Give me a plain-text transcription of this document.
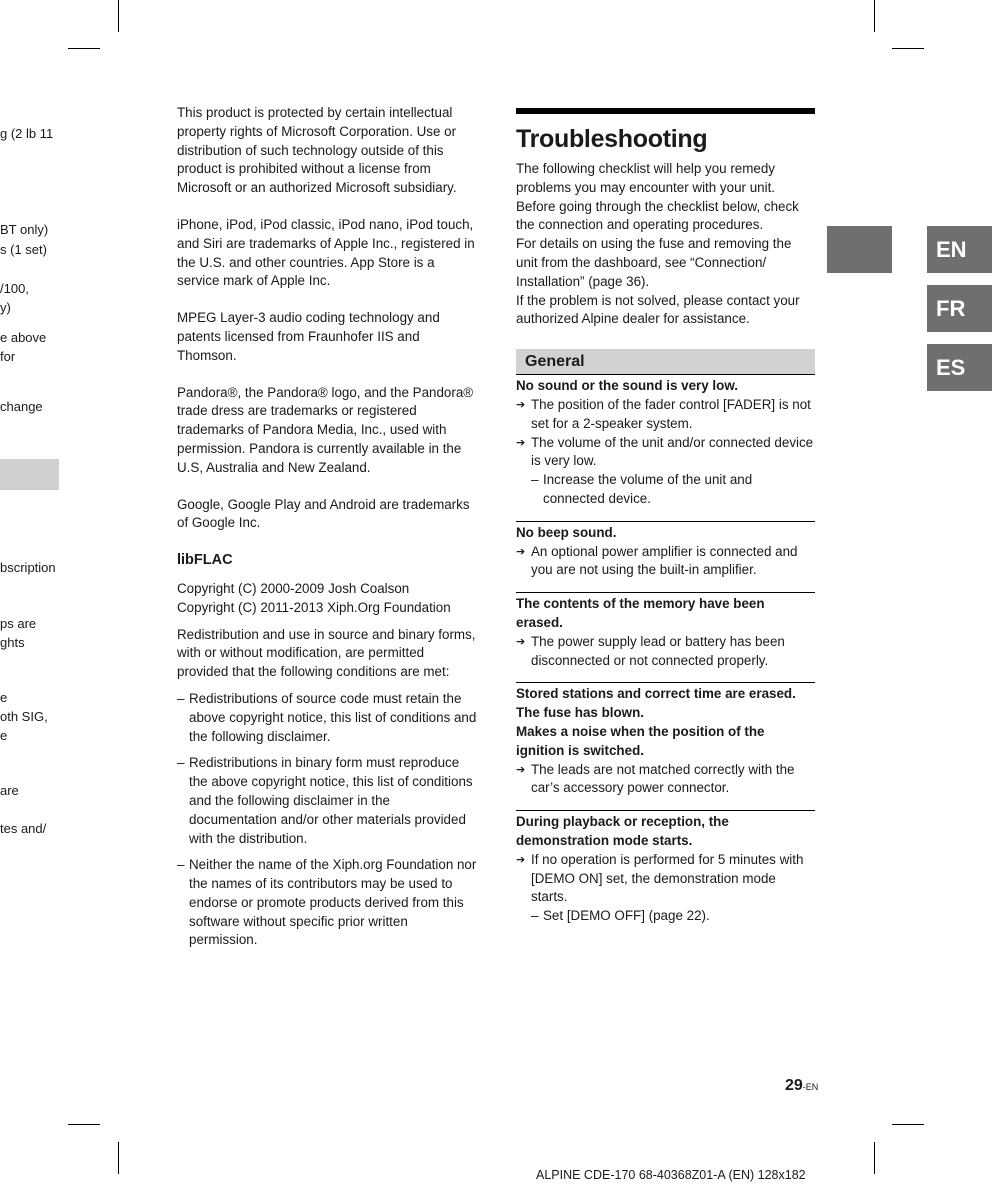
g (2 lb 11
BT only)
s (1 set)
/100,
y)
e above
for
change
bscription
ps are
ghts
e
oth SIG,
e
are
tes and/

This product is protected by certain intellectual property rights of Microsoft Corporation. Use or distribution of such technology outside of this product is prohibited without a license from Microsoft or an authorized Microsoft subsidiary.

iPhone, iPod, iPod classic, iPod nano, iPod touch, and Siri are trademarks of Apple Inc., registered in the U.S. and other countries. App Store is a service mark of Apple Inc.

MPEG Layer-3 audio coding technology and patents licensed from Fraunhofer IIS and Thomson.

Pandora®, the Pandora® logo, and the Pandora® trade dress are trademarks or registered trademarks of Pandora Media, Inc., used with permission. Pandora is currently available in the U.S, Australia and New Zealand.

Google, Google Play and Android are trademarks of Google Inc.

libFLAC

Copyright (C) 2000-2009 Josh Coalson
Copyright (C) 2011-2013 Xiph.Org Foundation

Redistribution and use in source and binary forms, with or without modification, are permitted provided that the following conditions are met:

– Redistributions of source code must retain the above copyright notice, this list of conditions and the following disclaimer.
– Redistributions in binary form must reproduce the above copyright notice, this list of conditions and the following disclaimer in the documentation and/or other materials provided with the distribution.
– Neither the name of the Xiph.org Foundation nor the names of its contributors may be used to endorse or promote products derived from this software without specific prior written permission.
Troubleshooting

The following checklist will help you remedy problems you may encounter with your unit. Before going through the checklist below, check the connection and operating procedures.

For details on using the fuse and removing the unit from the dashboard, see “Connection/ Installation” (page 36).

If the problem is not solved, please contact your authorized Alpine dealer for assistance.

General

No sound or the sound is very low.

➔ The position of the fader control [FADER] is not set for a 2-speaker system.

➔ The volume of the unit and/or connected device is very low.

– Increase the volume of the unit and connected device.

No beep sound.

➔ An optional power amplifier is connected and you are not using the built-in amplifier.

The contents of the memory have been erased.

➔ The power supply lead or battery has been disconnected or not connected properly.

Stored stations and correct time are erased.

The fuse has blown.

Makes a noise when the position of the ignition is switched.

➔ The leads are not matched correctly with the car’s accessory power connector.

During playback or reception, the demonstration mode starts.

➔ If no operation is performed for 5 minutes with [DEMO ON] set, the demonstration mode starts.

– Set [DEMO OFF] (page 22).

EN
FR
ES
29-EN
ALPINE CDE-170 68-40368Z01-A (EN) 128x182
